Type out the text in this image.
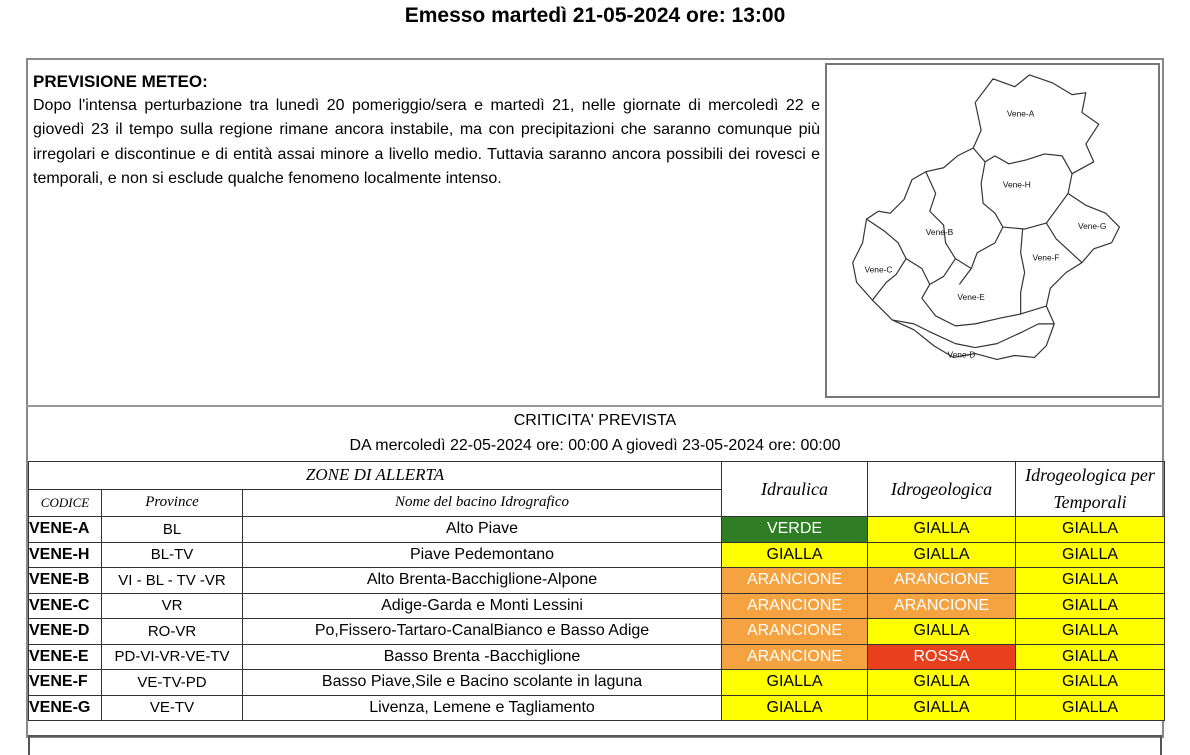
Emesso martedì 21-05-2024 ore: 13:00
PREVISIONE METEO:
Dopo l'intensa perturbazione tra lunedì 20 pomeriggio/sera e martedì 21, nelle giornate di mercoledì 22 e giovedì 23 il tempo sulla regione rimane ancora instabile, ma con precipitazioni che saranno comunque più irregolari e discontinue e di entità assai minore a livello medio. Tuttavia saranno ancora possibili dei rovesci e temporali, e non si esclude qualche fenomeno localmente intenso.
Vene-A
Vene-H
Vene-B
Vene-G
Vene-C
Vene-F
Vene-E
Vene-D
CRITICITA' PREVISTA
DA mercoledì 22-05-2024 ore: 00:00 A giovedì 23-05-2024 ore: 00:00
ZONE DI ALLERTA			Idraulica	Idrogeologica	Idrogeologica per Temporali
CODICE	Province	Nome del bacino Idrografico			
VENE-A	BL	Alto Piave	VERDE	GIALLA	GIALLA
VENE-H	BL-TV	Piave Pedemontano	GIALLA	GIALLA	GIALLA
VENE-B	VI - BL - TV -VR	Alto Brenta-Bacchiglione-Alpone	ARANCIONE	ARANCIONE	GIALLA
VENE-C	VR	Adige-Garda e Monti Lessini	ARANCIONE	ARANCIONE	GIALLA
VENE-D	RO-VR	Po,Fissero-Tartaro-CanalBianco e Basso Adige	ARANCIONE	GIALLA	GIALLA
VENE-E	PD-VI-VR-VE-TV	Basso Brenta -Bacchiglione	ARANCIONE	ROSSA	GIALLA
VENE-F	VE-TV-PD	Basso Piave,Sile e Bacino scolante in laguna	GIALLA	GIALLA	GIALLA
VENE-G	VE-TV	Livenza, Lemene e Tagliamento	GIALLA	GIALLA	GIALLA
